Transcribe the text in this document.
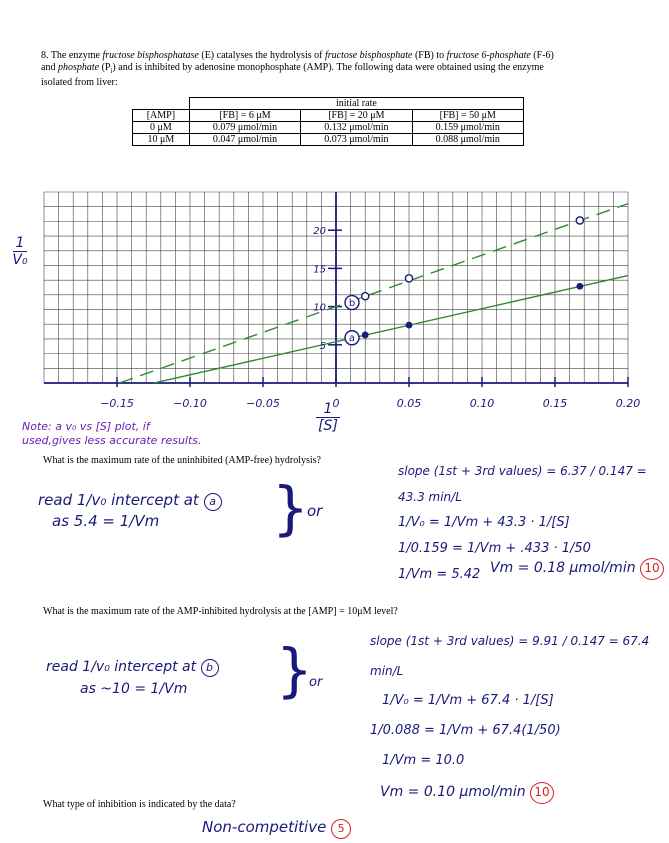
8. The enzyme fructose bisphosphatase (E) catalyses the hydrolysis of fructose bisphosphate (FB) to fructose 6-phosphate (F-6)
and phosphate $(P_i)$ and is inhibited by adenosine monophosphate (AMP). The following data were obtained using the enzyme
isolated from liver:
	initial rate		
[AMP]	[FB] = 6 μM	[FB] = 20 μM	[FB] = 50 μM
0 μM	0.079 μmol/min	0.132 μmol/min	0.159 μmol/min
10 μM	0.047 μmol/min	0.073 μmol/min	0.088 μmol/min
a
b
−0.15	−0.10	−0.05	0	0.05	0.10	0.15	0.20
5
10
15
20
1
V₀
1
[S]
Note: a v₀ vs [S] plot, if
used,gives less accurate results.
What is the maximum rate of the uninhibited (AMP-free) hydrolysis?
read 1/v₀ intercept at a
as 5.4 = 1/Vm	}
or
slope (1st + 3rd values) = 6.37 / 0.147 = 43.3 min/L
1/V₀ = 1/Vm + 43.3 · 1/[S]
1/0.159 = 1/Vm + .433 · 1/50
1/Vm = 5.42 Vm = 0.18 μmol/min 10
What is the maximum rate of the AMP-inhibited hydrolysis at the [AMP] = 10μM level?
read 1/v₀ intercept at b
as ~10 = 1/Vm	}
or
slope (1st + 3rd values) = 9.91 / 0.147 = 67.4 min/L
1/V₀ = 1/Vm + 67.4 · 1/[S]
1/0.088 = 1/Vm + 67.4(1/50)
1/Vm = 10.0
Vm = 0.10 μmol/min 10
What type of inhibition is indicated by the data?
Non-competitive 5
